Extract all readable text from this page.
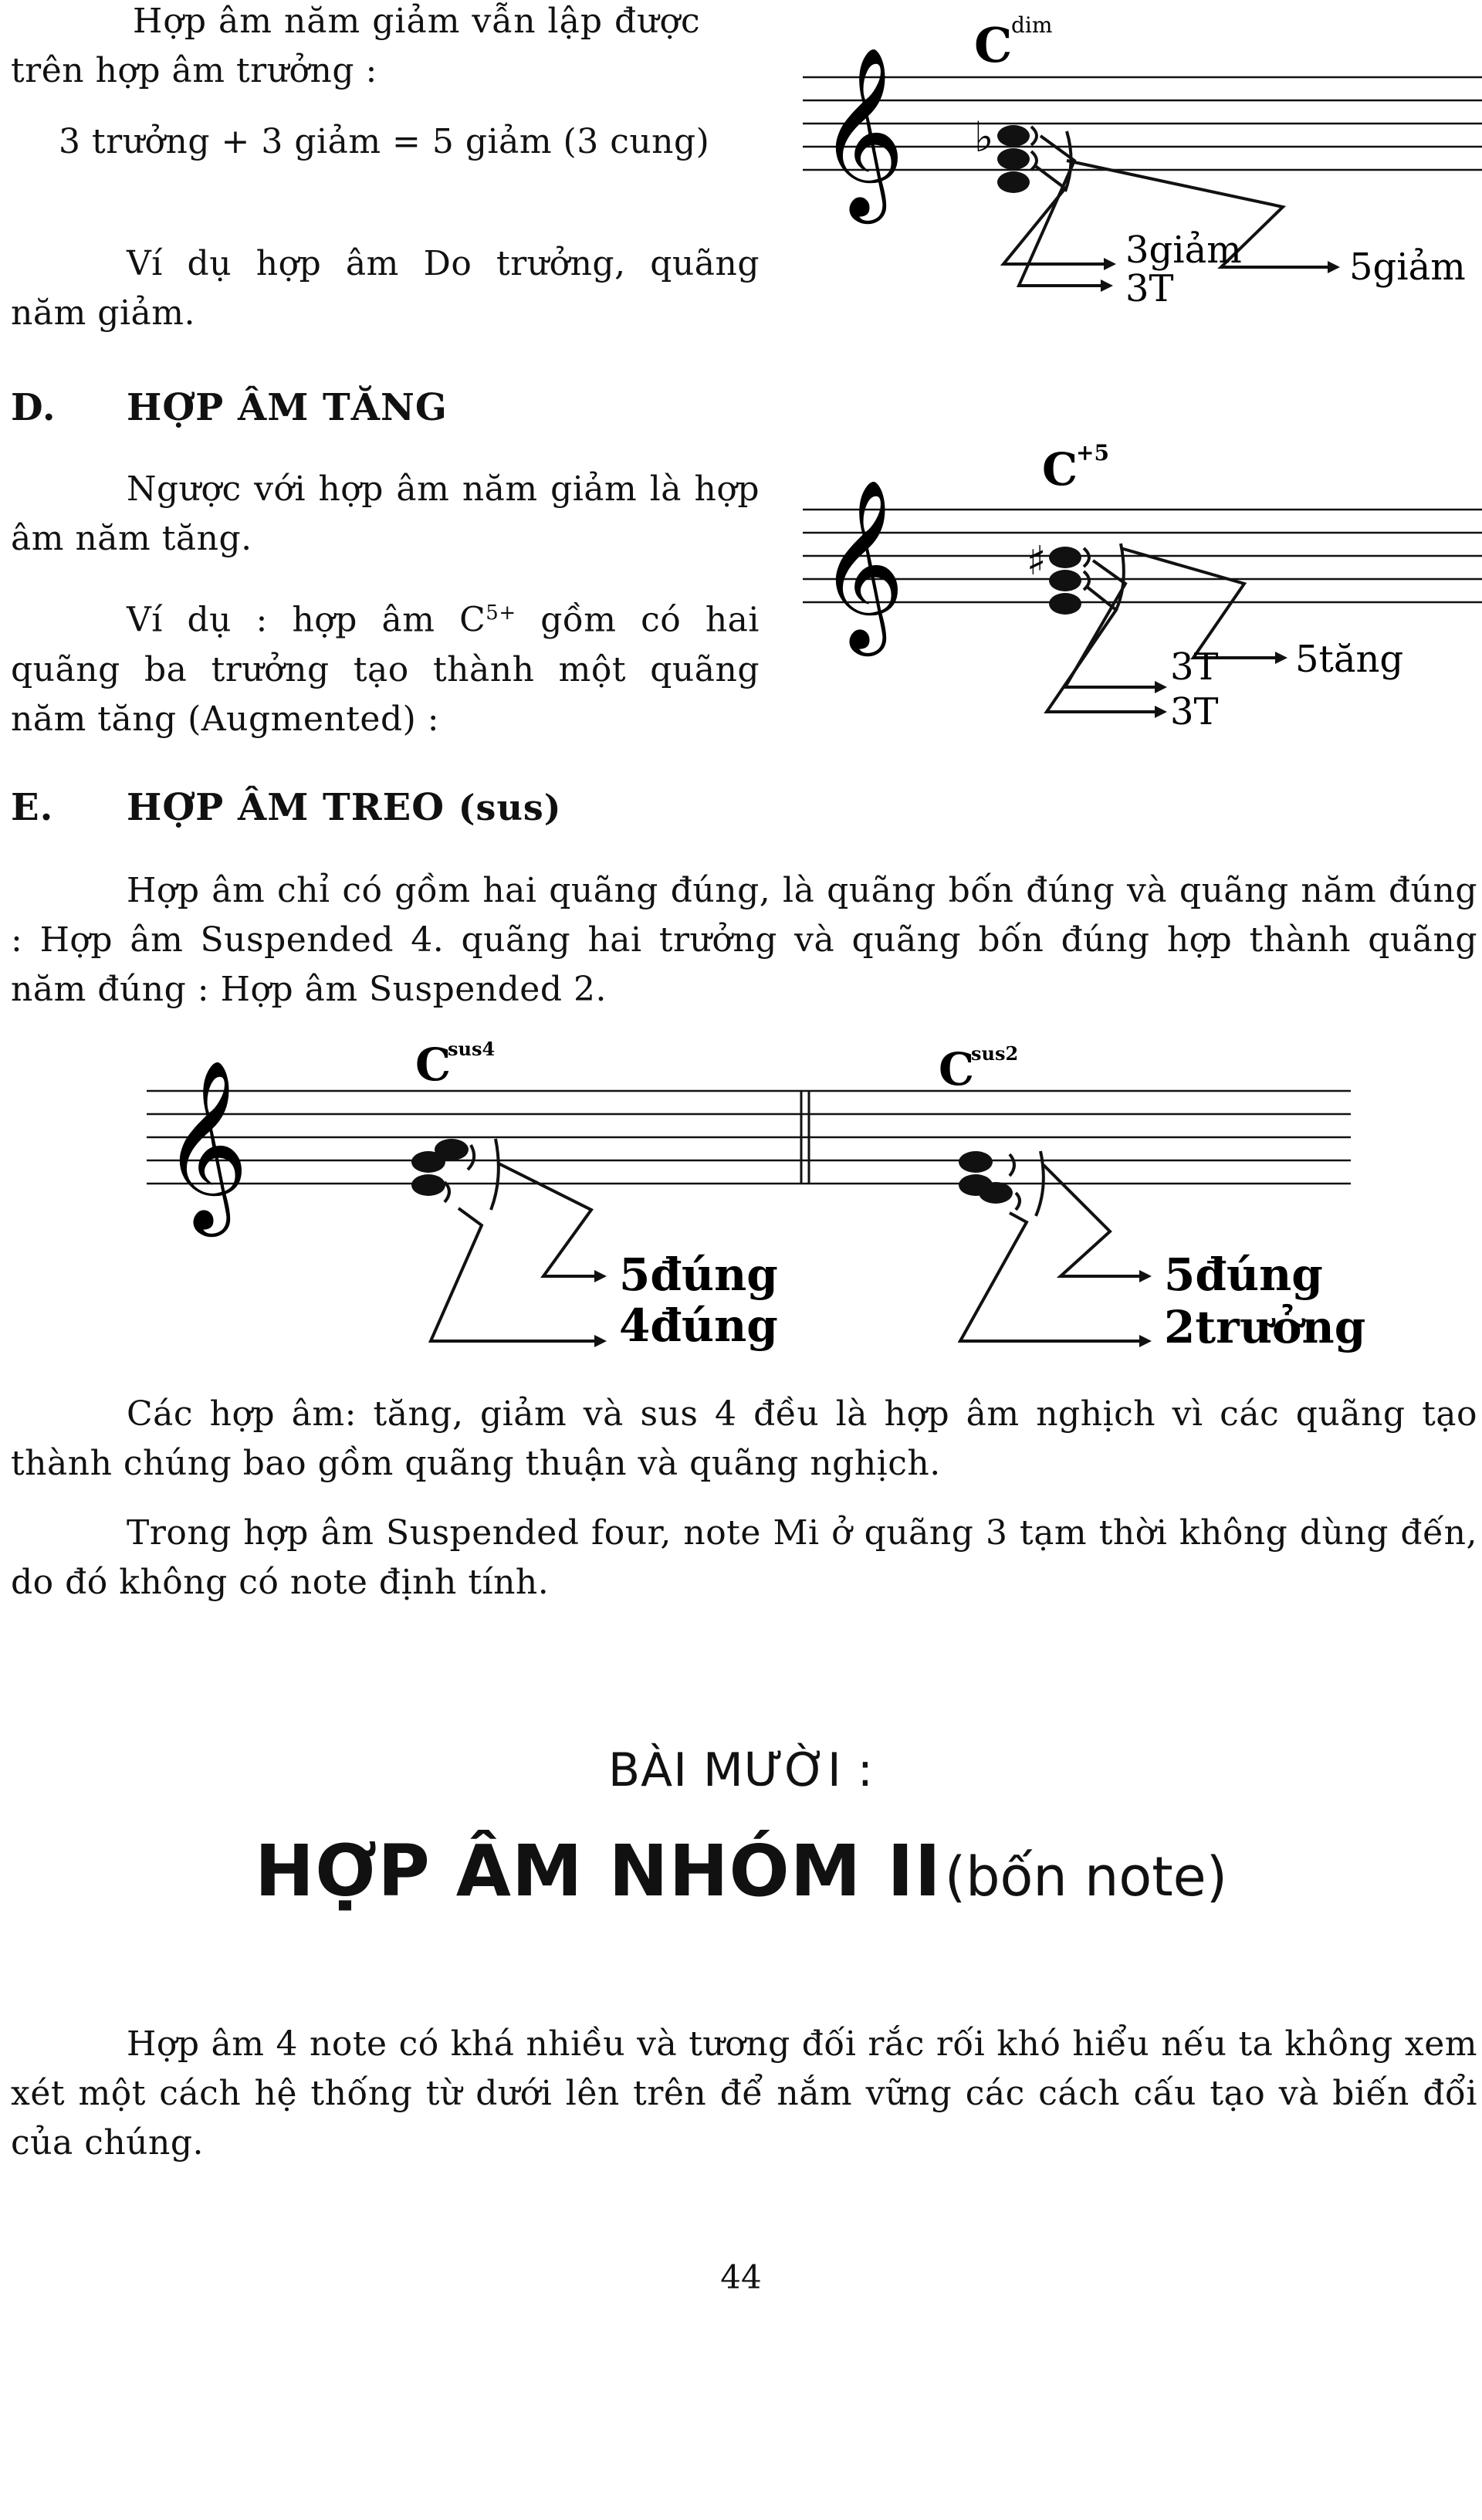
Hợp âm năm giảm vẫn lập được
trên hợp âm trưởng :
3 trưởng + 3 giảm = 5 giảm (3 cung)
Ví dụ hợp âm Do trưởng, quãng năm giảm.
𝄞
C
dim
♭
3giảm
3T	5giảm
D. HỢP ÂM TĂNG
Ngược với hợp âm năm giảm là hợp âm năm tăng.
Ví dụ : hợp âm $C^{5+}$ gồm có hai quãng ba trưởng tạo thành một quãng năm tăng (Augmented) :
𝄞
C
+5
♯
3T
3T
5tăng
E. HỢP ÂM TREO (sus)
Hợp âm chỉ có gồm hai quãng đúng, là quãng bốn đúng và quãng năm đúng : Hợp âm Suspended 4. quãng hai trưởng và quãng bốn đúng hợp thành quãng năm đúng : Hợp âm Suspended 2.
𝄞	C
sus4
5đúng
4đúng
C
sus2
5đúng
2trưởng
Các hợp âm: tăng, giảm và sus 4 đều là hợp âm nghịch vì các quãng tạo thành chúng bao gồm quãng thuận và quãng nghịch.
Trong hợp âm Suspended four, note Mi ở quãng 3 tạm thời không dùng đến, do đó không có note định tính.
BÀI MƯỜI :
HỢP ÂM NHÓM II (bốn note)
Hợp âm 4 note có khá nhiều và tương đối rắc rối khó hiểu nếu ta không xem xét một cách hệ thống từ dưới lên trên để nắm vững các cách cấu tạo và biến đổi của chúng.
44
